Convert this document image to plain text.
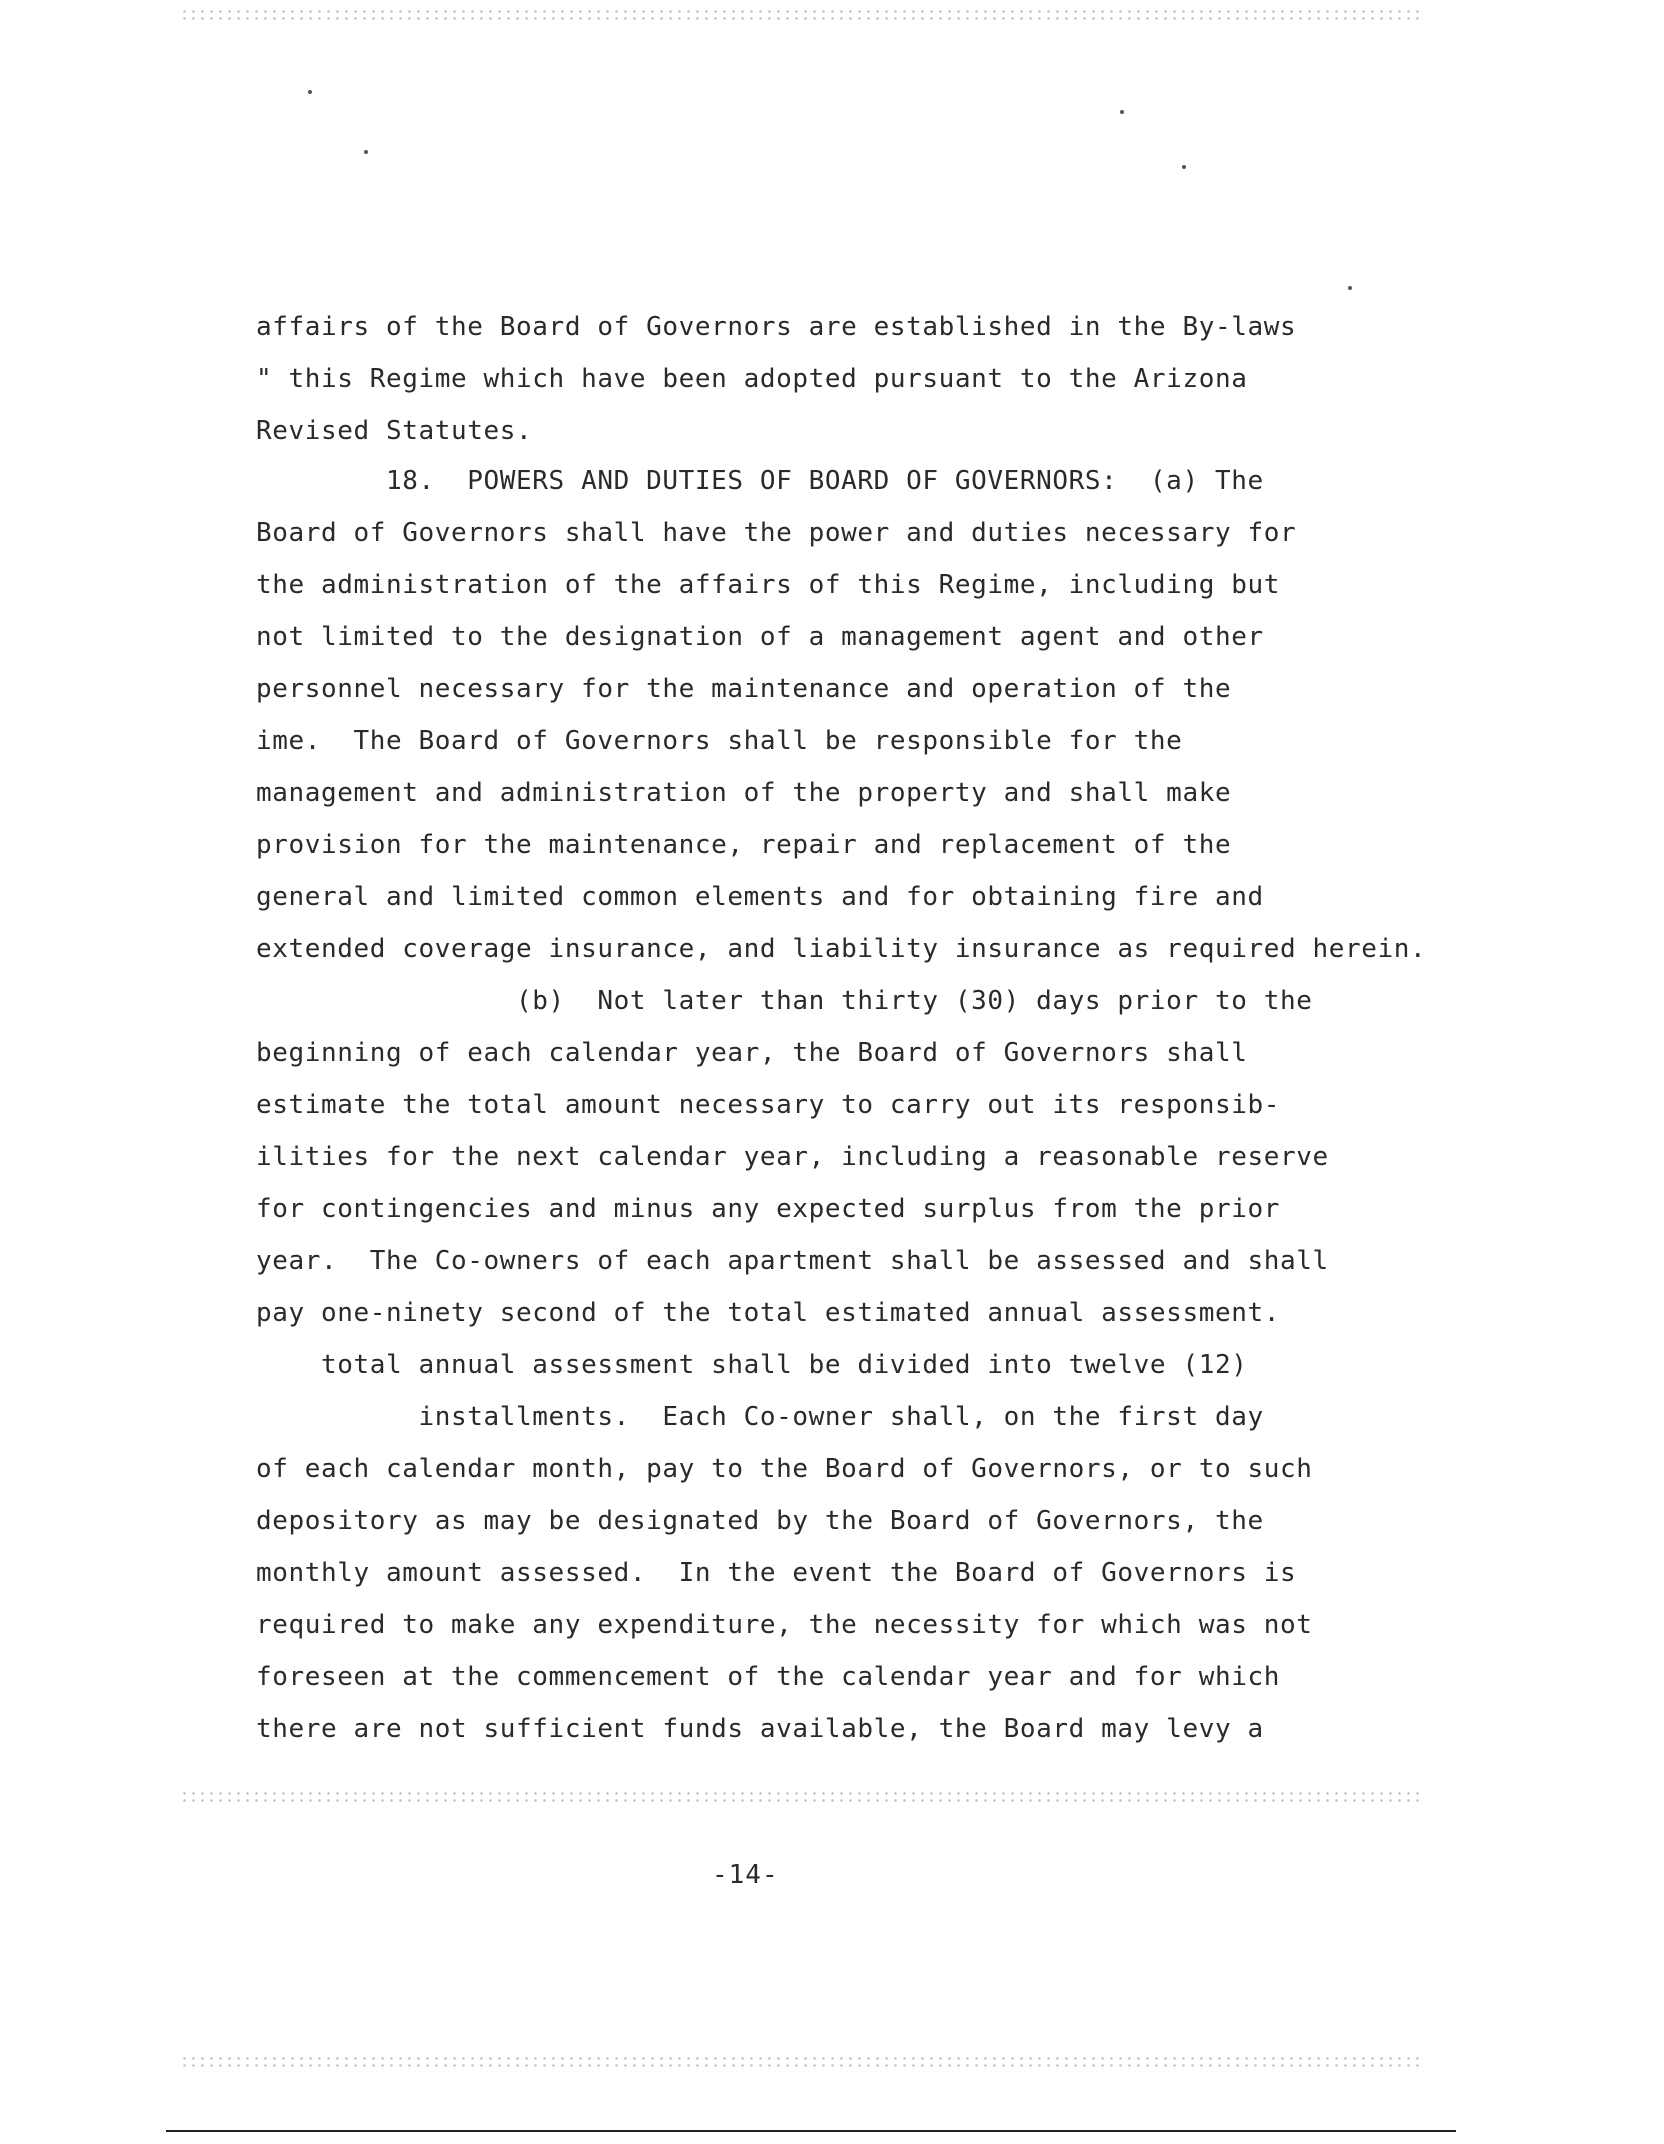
affairs of the Board of Governors are established in the By-laws
" this Regime which have been adopted pursuant to the Arizona
Revised Statutes.
18.  POWERS AND DUTIES OF BOARD OF GOVERNORS:  (a) The
Board of Governors shall have the power and duties necessary for
the administration of the affairs of this Regime, including but
not limited to the designation of a management agent and other
personnel necessary for the maintenance and operation of the
ime.  The Board of Governors shall be responsible for the
management and administration of the property and shall make
provision for the maintenance, repair and replacement of the
general and limited common elements and for obtaining fire and
extended coverage insurance, and liability insurance as required herein.
(b)  Not later than thirty (30) days prior to the
beginning of each calendar year, the Board of Governors shall
estimate the total amount necessary to carry out its responsib-
ilities for the next calendar year, including a reasonable reserve
for contingencies and minus any expected surplus from the prior
year.  The Co-owners of each apartment shall be assessed and shall
pay one-ninety second of the total estimated annual assessment.
total annual assessment shall be divided into twelve (12)
installments.  Each Co-owner shall, on the first day
of each calendar month, pay to the Board of Governors, or to such
depository as may be designated by the Board of Governors, the
monthly amount assessed.  In the event the Board of Governors is
required to make any expenditure, the necessity for which was not
foreseen at the commencement of the calendar year and for which
there are not sufficient funds available, the Board may levy a
-14-
